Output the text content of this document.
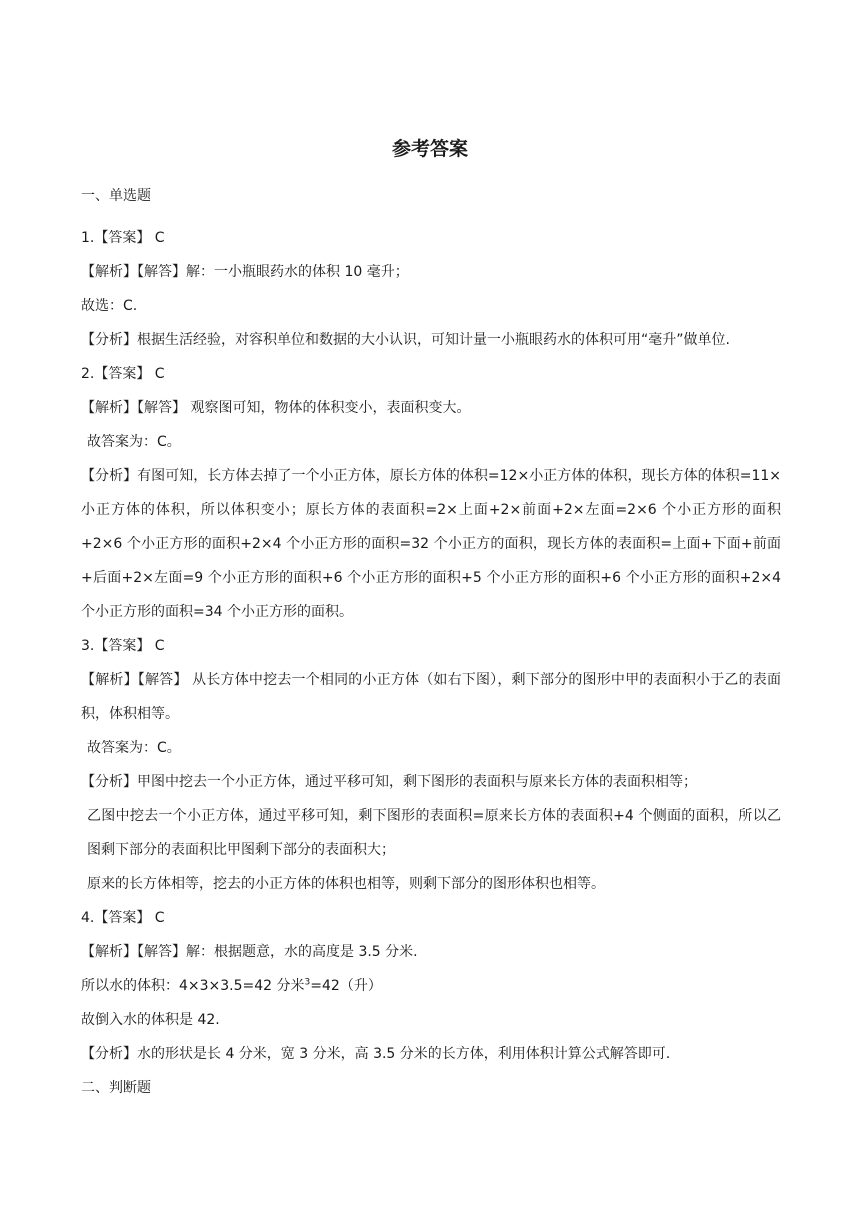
参考答案
一、单选题
1.【答案】 C
【解析】【解答】解：一小瓶眼药水的体积 10 毫升；
故选：C.
【分析】根据生活经验，对容积单位和数据的大小认识，可知计量一小瓶眼药水的体积可用“毫升”做单位.
2.【答案】 C
【解析】【解答】 观察图可知，物体的体积变小，表面积变大。
故答案为：C。
【分析】有图可知，长方体去掉了一个小正方体，原长方体的体积=12×小正方体的体积，现长方体的体积=11×小正方体的体积，所以体积变小；原长方体的表面积=2×上面+2×前面+2×左面=2×6 个小正方形的面积+2×6 个小正方形的面积+2×4 个小正方形的面积=32 个小正方的面积，现长方体的表面积=上面+下面+前面+后面+2×左面=9 个小正方形的面积+6 个小正方形的面积+5 个小正方形的面积+6 个小正方形的面积+2×4 个小正方形的面积=34 个小正方形的面积。
3.【答案】 C
【解析】【解答】 从长方体中挖去一个相同的小正方体（如右下图），剩下部分的图形中甲的表面积小于乙的表面积，体积相等。
故答案为：C。
【分析】甲图中挖去一个小正方体，通过平移可知，剩下图形的表面积与原来长方体的表面积相等；
乙图中挖去一个小正方体，通过平移可知，剩下图形的表面积=原来长方体的表面积+4 个侧面的面积，所以乙图剩下部分的表面积比甲图剩下部分的表面积大；
原来的长方体相等，挖去的小正方体的体积也相等，则剩下部分的图形体积也相等。
4.【答案】 C
【解析】【解答】解：根据题意，水的高度是 3.5 分米.
所以水的体积：4×3×3.5=42 分米$^3$=42（升）
故倒入水的体积是 42.
【分析】水的形状是长 4 分米，宽 3 分米，高 3.5 分米的长方体，利用体积计算公式解答即可.
二、判断题
